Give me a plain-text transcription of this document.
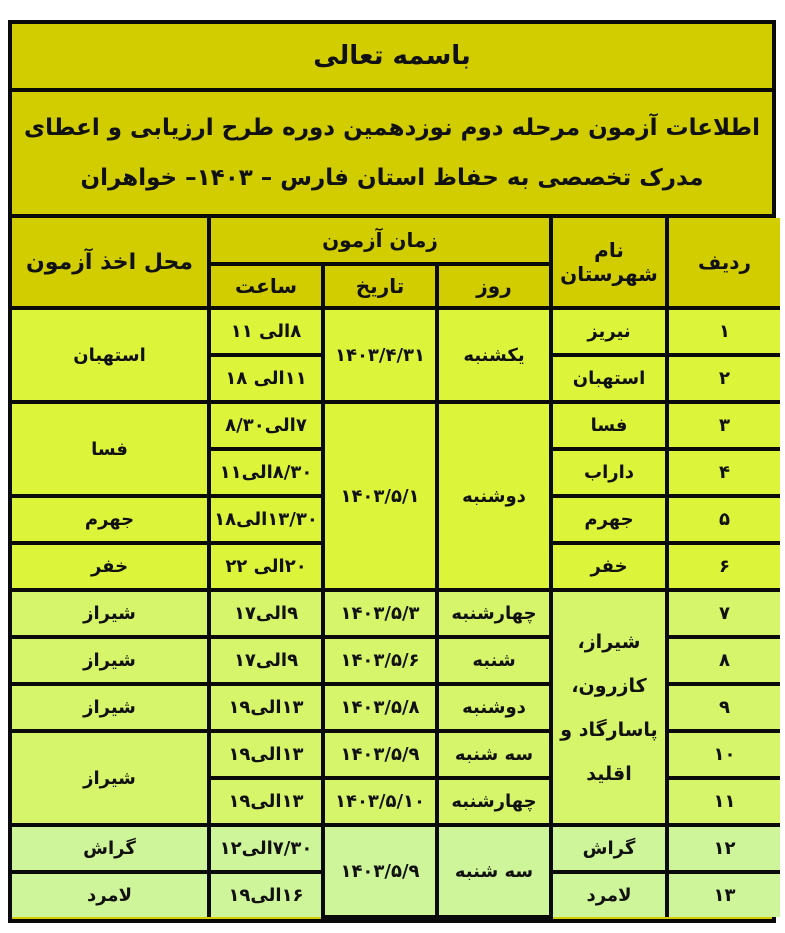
باسمه تعالی
اطلاعات آزمون مرحله دوم نوزدهمین دوره طرح ارزیابی و اعطای
مدرک تخصصی به حفاظ استان فارس – ۱۴۰۳– خواهران
ردیف	نام شهرستان	زمان آزمون			محل اخذ آزمون
		روز	تاریخ	ساعت	
۱	نیریز	یکشنبه	۱۴۰۳/۴/۳۱	۸الی ۱۱	استهبان
۲	استهبان			۱۱الی ۱۸	
۳	فسا	دوشنبه	۱۴۰۳/۵/۱	۷الی۸/۳۰	فسا
۴	داراب			۸/۳۰الی۱۱	
۵	جهرم			۱۳/۳۰الی۱۸	جهرم
۶	خفر			۲۰الی ۲۲	خفر
۷	شیراز،
کازرون،
پاسارگاد و
اقلید	چهارشنبه	۱۴۰۳/۵/۳	۹الی۱۷	شیراز
۸		شنبه	۱۴۰۳/۵/۶	۹الی۱۷	شیراز
۹		دوشنبه	۱۴۰۳/۵/۸	۱۳الی۱۹	شیراز
۱۰		سه شنبه	۱۴۰۳/۵/۹	۱۳الی۱۹	شیراز
۱۱		چهارشنبه	۱۴۰۳/۵/۱۰	۱۳الی۱۹	
۱۲	گراش	سه شنبه	۱۴۰۳/۵/۹	۷/۳۰الی۱۲	گراش
۱۳	لامرد			۱۶الی۱۹	لامرد
